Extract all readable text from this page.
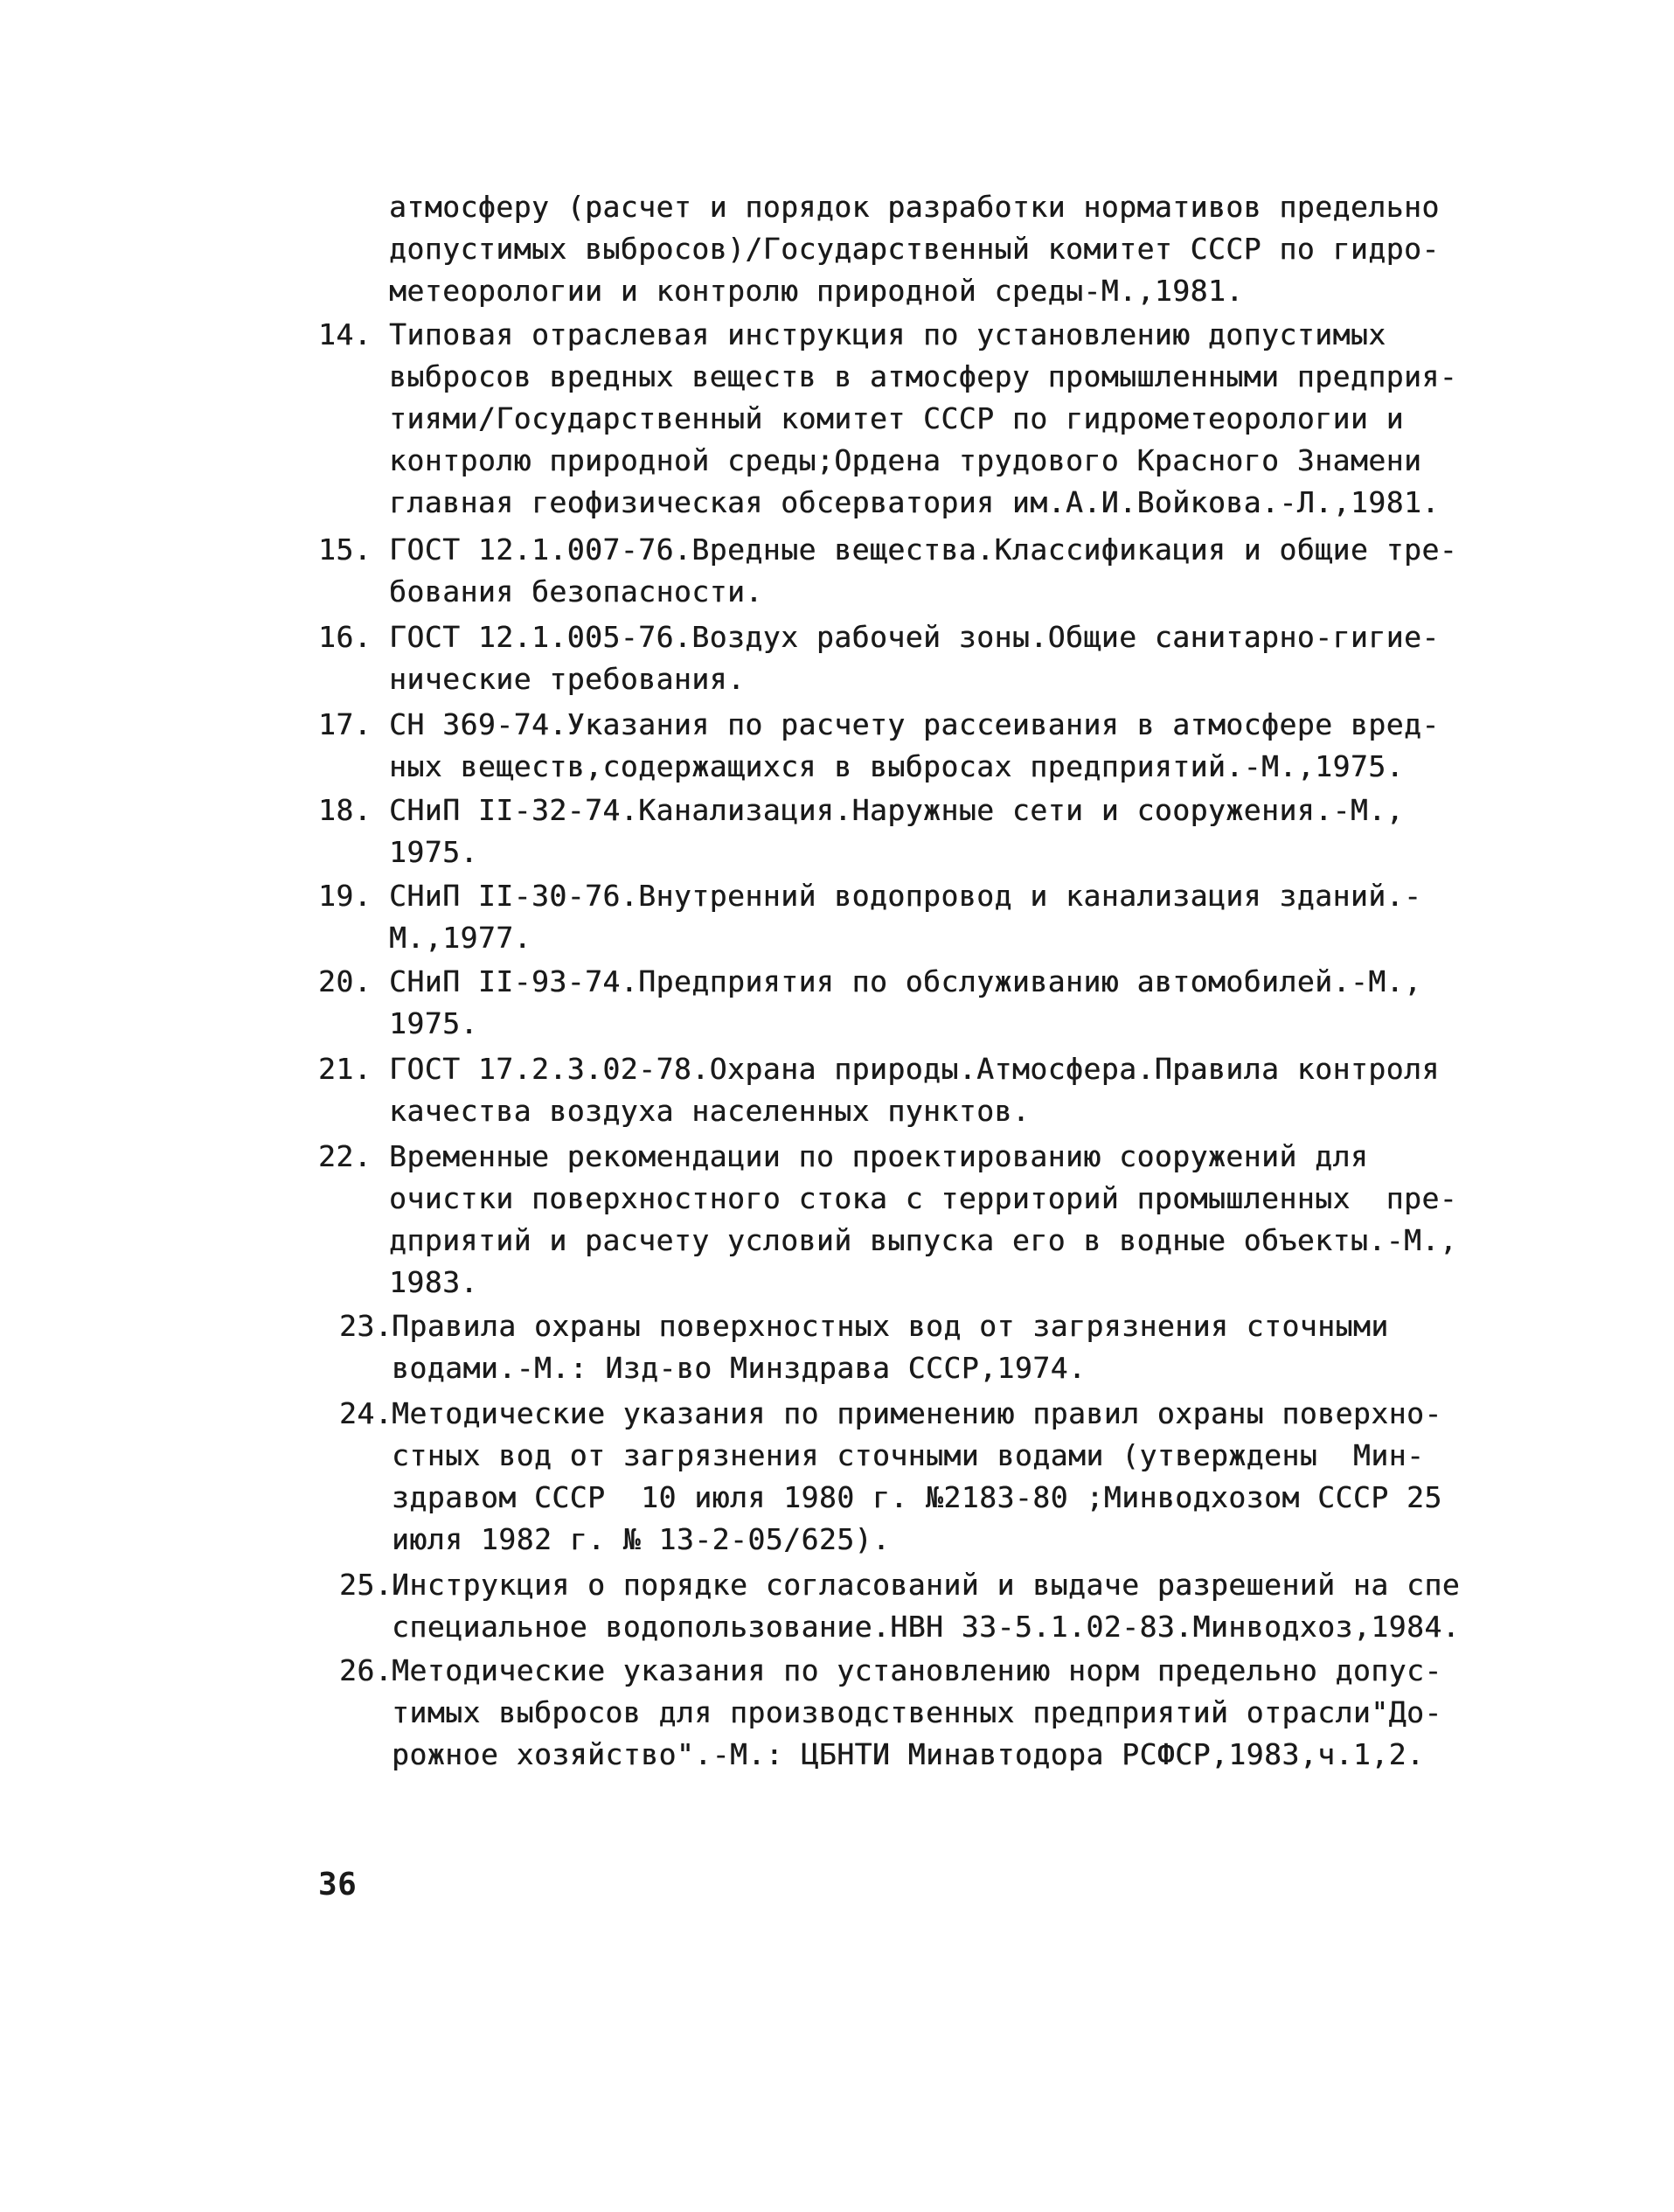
атмосферу (расчет и порядок разработки нормативов предельно
допустимых выбросов)/Государственный комитет СССР по гидро-
метеорологии и контролю природной среды-М.,1981.
14. Типовая отраслевая инструкция по установлению допустимых
выбросов вредных веществ в атмосферу промышленными предприя-
тиями/Государственный комитет СССР по гидрометеорологии и
контролю природной среды;Ордена трудового Красного Знамени
главная геофизическая обсерватория им.А.И.Войкова.-Л.,1981.
15. ГОСТ 12.1.007-76.Вредные вещества.Классификация и общие тре-
бования безопасности.
16. ГОСТ 12.1.005-76.Воздух рабочей зоны.Общие санитарно-гигие-
нические требования.
17. СН 369-74.Указания по расчету рассеивания в атмосфере вред-
ных веществ,содержащихся в выбросах предприятий.-М.,1975.
18. СНиП II-32-74.Канализация.Наружные сети и сооружения.-М.,
1975.
19. СНиП II-30-76.Внутренний водопровод и канализация зданий.-
М.,1977.
20. СНиП II-93-74.Предприятия по обслуживанию автомобилей.-М.,
1975.
21. ГОСТ 17.2.3.02-78.Охрана природы.Атмосфера.Правила контроля
качества воздуха населенных пунктов.
22. Временные рекомендации по проектированию сооружений для
очистки поверхностного стока с территорий промышленных  пре-
дприятий и расчету условий выпуска его в водные объекты.-М.,
1983.
23.
Правила охраны поверхностных вод от загрязнения сточными
водами.-М.: Изд-во Минздрава СССР,1974.
24.
Методические указания по применению правил охраны поверхно-
стных вод от загрязнения сточными водами (утверждены  Мин-
здравом СССР  10 июля 1980 г. №2183-80 ;Минводхозом СССР 25
июля 1982 г. № 13-2-05/625).
25.
Инструкция о порядке согласований и выдаче разрешений на спе
специальное водопользование.НВН 33-5.1.02-83.Минводхоз,1984.
26.
Методические указания по установлению норм предельно допус-
тимых выбросов для производственных предприятий отрасли"До-
рожное хозяйство".-М.: ЦБНТИ Минавтодора РСФСР,1983,ч.1,2.
36
